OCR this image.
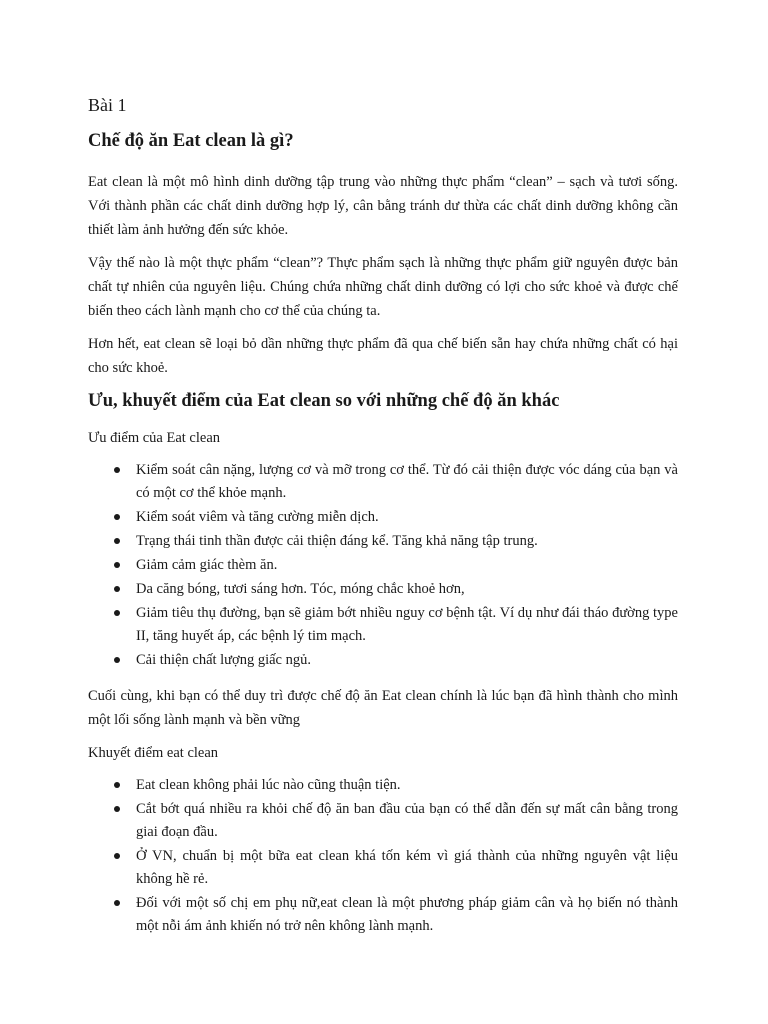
Bài 1
Chế độ ăn Eat clean là gì?

Eat clean là một mô hình dinh dưỡng tập trung vào những thực phẩm “clean” – sạch và tươi sống. Với thành phần các chất dinh dưỡng hợp lý, cân bằng tránh dư thừa các chất dinh dưỡng không cần thiết làm ảnh hưởng đến sức khỏe.

Vậy thế nào là một thực phẩm “clean”? Thực phẩm sạch là những thực phẩm giữ nguyên được bản chất tự nhiên của nguyên liệu. Chúng chứa những chất dinh dưỡng có lợi cho sức khoẻ và được chế biến theo cách lành mạnh cho cơ thể của chúng ta.

Hơn hết, eat clean sẽ loại bỏ dần những thực phẩm đã qua chế biến sẵn hay chứa những chất có hại cho sức khoẻ.

Ưu, khuyết điểm của Eat clean so với những chế độ ăn khác

Ưu điểm của Eat clean

Kiểm soát cân nặng, lượng cơ và mỡ trong cơ thể. Từ đó cải thiện được vóc dáng của bạn và có một cơ thể khỏe mạnh.
Kiểm soát viêm và tăng cường miễn dịch.
Trạng thái tinh thần được cải thiện đáng kể. Tăng khả năng tập trung.
Giảm cảm giác thèm ăn.
Da căng bóng, tươi sáng hơn. Tóc, móng chắc khoẻ hơn,
Giảm tiêu thụ đường, bạn sẽ giảm bớt nhiều nguy cơ bệnh tật. Ví dụ như đái tháo đường type II, tăng huyết áp, các bệnh lý tim mạch.
Cải thiện chất lượng giấc ngủ.

Cuối cùng, khi bạn có thể duy trì được chế độ ăn Eat clean chính là lúc bạn đã hình thành cho mình một lối sống lành mạnh và bền vững

Khuyết điểm eat clean

Eat clean không phải lúc nào cũng thuận tiện.
Cắt bớt quá nhiều ra khỏi chế độ ăn ban đầu của bạn có thể dẫn đến sự mất cân bằng trong giai đoạn đầu.
Ở VN, chuẩn bị một bữa eat clean khá tốn kém vì giá thành của những nguyên vật liệu không hề rẻ.
Đối với một số chị em phụ nữ,eat clean là một phương pháp giảm cân và họ biến nó thành một nỗi ám ảnh khiến nó trở nên không lành mạnh.
